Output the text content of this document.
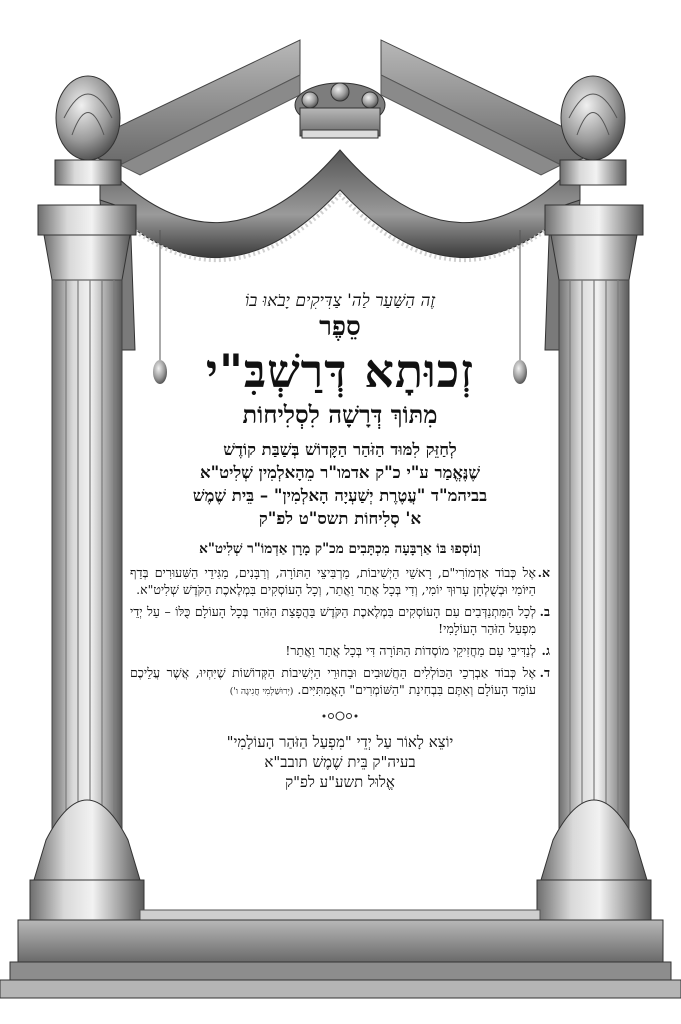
זֶה הַשַּׁעַר לַה' צַדִּיקִים יָבֹאוּ בוֹ

סֵפֶר

זְכוּתָא דְּרַשְׁבִּ"י

מִתּוֹךְ דְּרָשָׁה לִסְלִיחוֹת

לְחַזֵּק לִמּוּד הַזֹּהַר הַקָּדוֹשׁ בְּשַׁבַּת קוֹדֶשׁ

שֶׁנֶּאֱמַר ע"י כ"ק אדמו"ר מֵהָאלְמִין שְׁלִיט"א

בביהמ"ד "עֲטֶרֶת יְשַׁעְיָה הָאלְמִין" – בֵּית שֶׁמֶשׁ

א' סְלִיחוֹת תשס"ט לפ"ק

וְנוֹסְפוּ בּוֹ אַרְבָּעָה מִכְתָּבִים מכ"ק מָרָן אַדְמוֹ"ר שְׁלִיט"א

א.
אֶל כְּבוֹד אַדְמוֹרִי"ם, רָאשֵׁי הַיְשִׁיבוֹת, מַרְבִּיצֵי הַתּוֹרָה, וְרַבָּנִים, מַגִּידֵי הַשִּׁעוּרִים בְּדַף הַיּוֹמִי וּבְשֻׁלְחָן עָרוּךְ יוֹמִי, וְדִי בְּכָל אֲתַר וַאֲתַר, וְכָל הָעוֹסְקִים בִּמְלֶאכֶת הַקֹּדֶשׁ שְׁלִיט"א.
ב.
לְכָל הַמִּתְנַדְּבִים עִם הָעוֹסְקִים בִּמְלֶאכֶת הַקֹּדֶשׁ בַּהֲפָצַת הַזֹּהַר בְּכָל הָעוֹלָם כֻּלּוֹ – עַל יְדֵי מִפְעַל הַזֹּהַר הָעוֹלָמִי!
ג.
לְנַדִּיבֵי עַם מַחֲזִיקֵי מוֹסְדוֹת הַתּוֹרָה דִּי בְּכָל אֲתַר וַאֲתַר!
ד.
אֶל כְּבוֹד אַבְרְכֵי הַכּוֹלְלִים הַחֲשׁוּבִים וּבַחוּרֵי הַיְשִׁיבוֹת הַקְּדוֹשׁוֹת שֶׁיִּחְיוּ, אֲשֶׁר עֲלֵיכֶם עוֹמֵד הָעוֹלָם וְאַתֶּם בִּבְחִינַת "הַשּׁוֹמְרִים" הָאֲמִתִּיִּים. (יְרוּשַׁלְמִי חֲגִיגָה ו')

יוֹצֵא לָאוֹר עַל יְדֵי "מִפְעַל הַזֹּהַר הָעוֹלָמִי"

בעיה"ק בֵּית שֶׁמֶשׁ תובב"א

אֱלוּל תשע"ע לפ"ק
